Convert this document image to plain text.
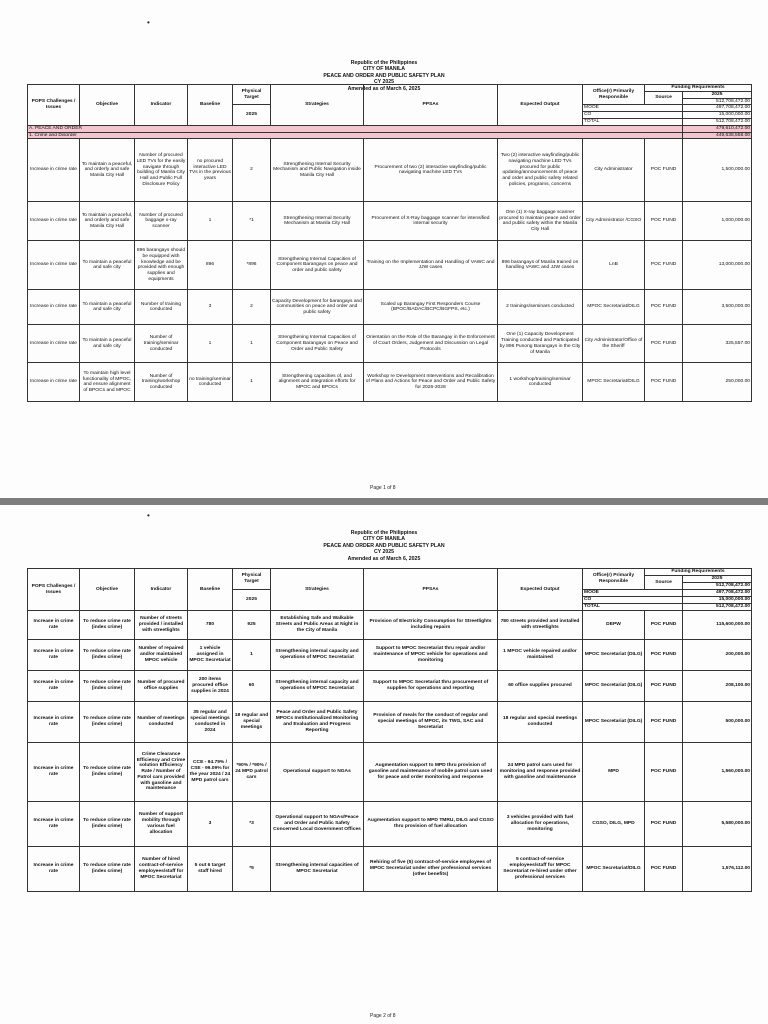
•
Republic of the Philippines
CITY OF MANILA
PEACE AND ORDER AND PUBLIC SAFETY PLAN
CY 2025
Amended as of March 6, 2025
POPS Challenges / Issues	Objective	Indicator	Baseline	Physical Target	Strategies	PPSAs	Expected Output	Office(r) Primarily Responsible	Funding Requirements	
									Source	2025
										512,708,472.00
				2025				MOOE		497,708,472.00
								CO		15,000,000.00
								TOTAL		512,708,472.00
A. PEACE AND ORDER										479,610,472.00
1. Crime and Disorder										449,638,558.00
Increase in crime rate	To maintain a peaceful, and orderly and safe Manila City Hall	Number of procured LED TVs for the easily navigate through building of Manila City Hall and Public Full Disclosure Policy	no procured interactive LED TVs in the previous years	2	Strengthening Internal Security Mechanism and Public Navigation inside Manila City Hall	Procurement of two (2) interactive wayfinding/public navigating machine LED TVs	Two (2) interactive wayfinding/public navigating machine LED TVs procured for public updating/announcements of peace and order and public safety related policies, programs, concerns	City Administrator	POC FUND	1,500,000.00
Increase in crime rate	To maintain a peaceful, and orderly and safe Manila City Hall	Number of procured baggage x-ray scanner	1	*1	Strengthening Internal Security Mechanism at Manila City Hall	Procurement of X-Ray baggage scanner for intensified internal security	One (1) X-ray baggage scanner procured to maintain peace and order and public safety within the Manila City Hall	City Administrator /CGSO	POC FUND	1,000,000.00
Increase in crime rate	To maintain a peaceful and safe city	896 barangays should be equipped with knowledge and be provided with enough supplies and equipments	896	*896	Strengthening Internal Capacities of Component Barangays on peace and order and public safety	Training on the Implementation and Handling of VAWC and JJW cases	896 barangays of Manila trained on handling VAWC and JJW cases	LnB	POC FUND	13,000,000.00
Increase in crime rate	To maintain a peaceful and safe city	Number of training conducted	3	2	Capacity Development for barangays and communities on peace and order and public safety	Scaled up Barangay First Responders Course (BPOC/BADAC/BCPC/BGFPS, etc.)	2 trainings/seminars conducted	MPOC Secretariat/DILG	POC FUND	3,500,000.00
Increase in crime rate	To maintain a peaceful and safe city	Number of training/seminar conducted	1	1	Strengthening Internal Capacities of Component Barangays on Peace and Order and Public Safety	Orientation on the Role of the Barangay in the Enforcement of Court Orders, Judgement and Discussion on Legal Protocols	One (1) Capacity Development Training conducted and Participated by 896 Punong Barangays in the City of Manila	City Administrator/Office of the Sheriff	POC FUND	325,557.00
Increase in crime rate	To maintain high level functionality of MPOC, and ensure alignment of BPOCs and MPOC	Number of training/workshop conducted	no training/seminar conducted	1	Strengthening capacities of, and alignment and integration efforts for MPOC and BPOCs	Workshop re Development Interventions and Recalibration of Plans and Actions for Peace and Order and Public Safety for 2026-2028	1 workshop/training/seminar conducted	MPOC Secretariat/DILG	POC FUND	250,000.00
Page 1 of 8
•
Republic of the Philippines
CITY OF MANILA
PEACE AND ORDER AND PUBLIC SAFETY PLAN
CY 2025
Amended as of March 6, 2025
POPS Challenges / Issues	Objective	Indicator	Baseline	Physical Target	Strategies	PPSAs	Expected Output	Office(r) Primarily Responsible	Funding Requirements	
									Source	2025
										512,708,472.00
				2025				MOOE		497,708,472.00
								CO		15,000,000.00
								TOTAL		512,708,472.00
Increase in crime rate	To reduce crime rate (index crime)	Number of streets provided / installed with streetlights	780	925	Establishing Safe and Walkable Streets and Public Areas at Night in the City of Manila	Provision of Electricity Consumption for Streetlights including repairs	780 streets provided and installed with streetlights	DEPW	POC FUND	115,600,000.00
Increase in crime rate	To reduce crime rate (index crime)	Number of repaired and/or maintained MPOC vehicle	1 vehicle assigned in MPOC Secretariat	1	Strengthening internal capacity and operations of MPOC Secretariat	Support to MPOC Secretariat thru repair and/or maintenance of MPOC vehicle for operations and monitoring	1 MPOC vehicle repaired and/or maintained	MPOC Secretariat (DILG)	POC FUND	200,000.00
Increase in crime rate	To reduce crime rate (index crime)	Number of procured office supplies	200 items procured office supplies in 2024	60	Strengthening internal capacity and operations of MPOC Secretariat	Support to MPOC Secretariat thru procurement of supplies for operations and reporting	60 office supplies procured	MPOC Secretariat (DILG)	POC FUND	208,100.00
Increase in crime rate	To reduce crime rate (index crime)	Number of meetings conducted	35 regular and special meetings conducted in 2024	18 regular and special meetings	Peace and Order and Public Safety MPOCs Institutionalized Monitoring and Evaluation and Progress Reporting	Provision of meals for the conduct of regular and special meetings of MPOC, its TWG, SAC and Secretariat	18 regular and special meetings conducted	MPOC Secretariat (DILG)	POC FUND	500,000.00
Increase in crime rate	To reduce crime rate (index crime)	Crime Clearance Efficiency and Crime solution Efficiency Rate / Number of Patrol cars provided with gasoline and maintenance	CCE - 94.79% / CSE - 99.09% for the year 2024 / 24 MPD patrol cars	*90% / *90% / 24 MPD patrol cars	Operational support to NGAs	Augmentation support to MPD thru provision of gasoline and maintenance of mobile patrol cars used for peace and order monitoring and response	24 MPD patrol cars used for monitoring and response provided with gasoline and maintenance	MPD	POC FUND	1,560,000.00
Increase in crime rate	To reduce crime rate (index crime)	Number of support mobility through various fuel allocation	3	*3	Operational support to NGAs/Peace and Order and Public Safety Concerned Local Government Offices	Augmentation support to MPD TMRU, DILG and CGSO thru provision of fuel allocation	3 vehicles provided with fuel allocation for operations, monitoring	CGSO, DILG, MPD	POC FUND	5,580,000.00
Increase in crime rate	To reduce crime rate (index crime)	Number of hired contract-of-service employees/staff for MPOC Secretariat	5 out 6 target staff hired	*5	Strengthening internal capacities of MPOC Secretariat	Rehiring of five (5) contract-of-service employees of MPOC Secretariat under other professional services (other benefits)	5 contract-of-service employees/staff for MPOC Secretariat re-hired under other professional services	MPOC Secretariat/DILG	POC FUND	1,576,112.00
Page 2 of 8
